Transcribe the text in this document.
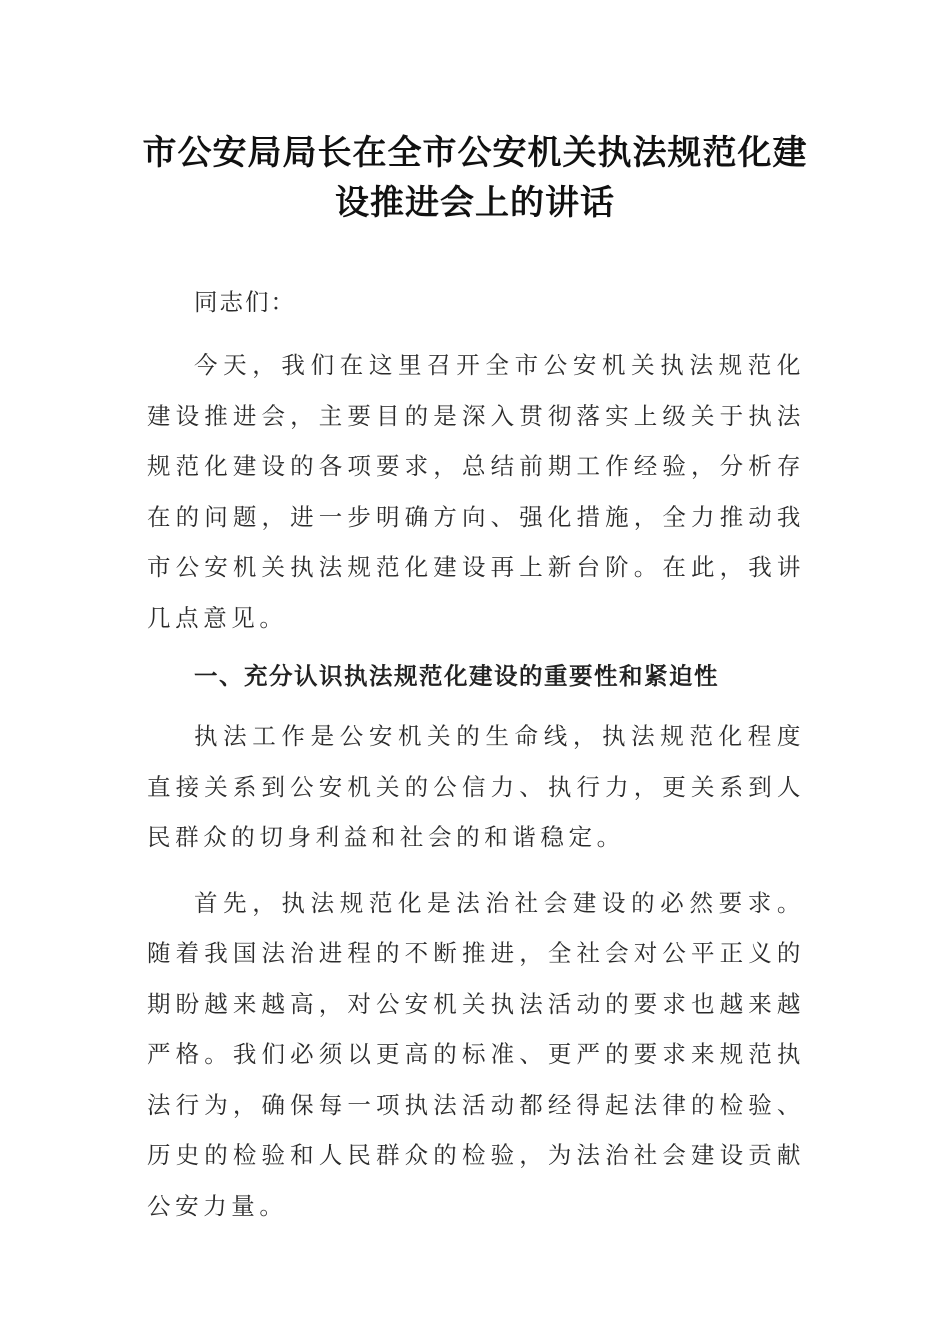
市公安局局长在全市公安机关执法规范化建设推进会上的讲话

同志们：

今天，我们在这里召开全市公安机关执法规范化建设推进会，主要目的是深入贯彻落实上级关于执法规范化建设的各项要求，总结前期工作经验，分析存在的问题，进一步明确方向、强化措施，全力推动我市公安机关执法规范化建设再上新台阶。在此，我讲几点意见。

一、充分认识执法规范化建设的重要性和紧迫性

执法工作是公安机关的生命线，执法规范化程度直接关系到公安机关的公信力、执行力，更关系到人民群众的切身利益和社会的和谐稳定。

首先，执法规范化是法治社会建设的必然要求。随着我国法治进程的不断推进，全社会对公平正义的期盼越来越高，对公安机关执法活动的要求也越来越严格。我们必须以更高的标准、更严的要求来规范执法行为，确保每一项执法活动都经得起法律的检验、历史的检验和人民群众的检验，为法治社会建设贡献公安力量。
